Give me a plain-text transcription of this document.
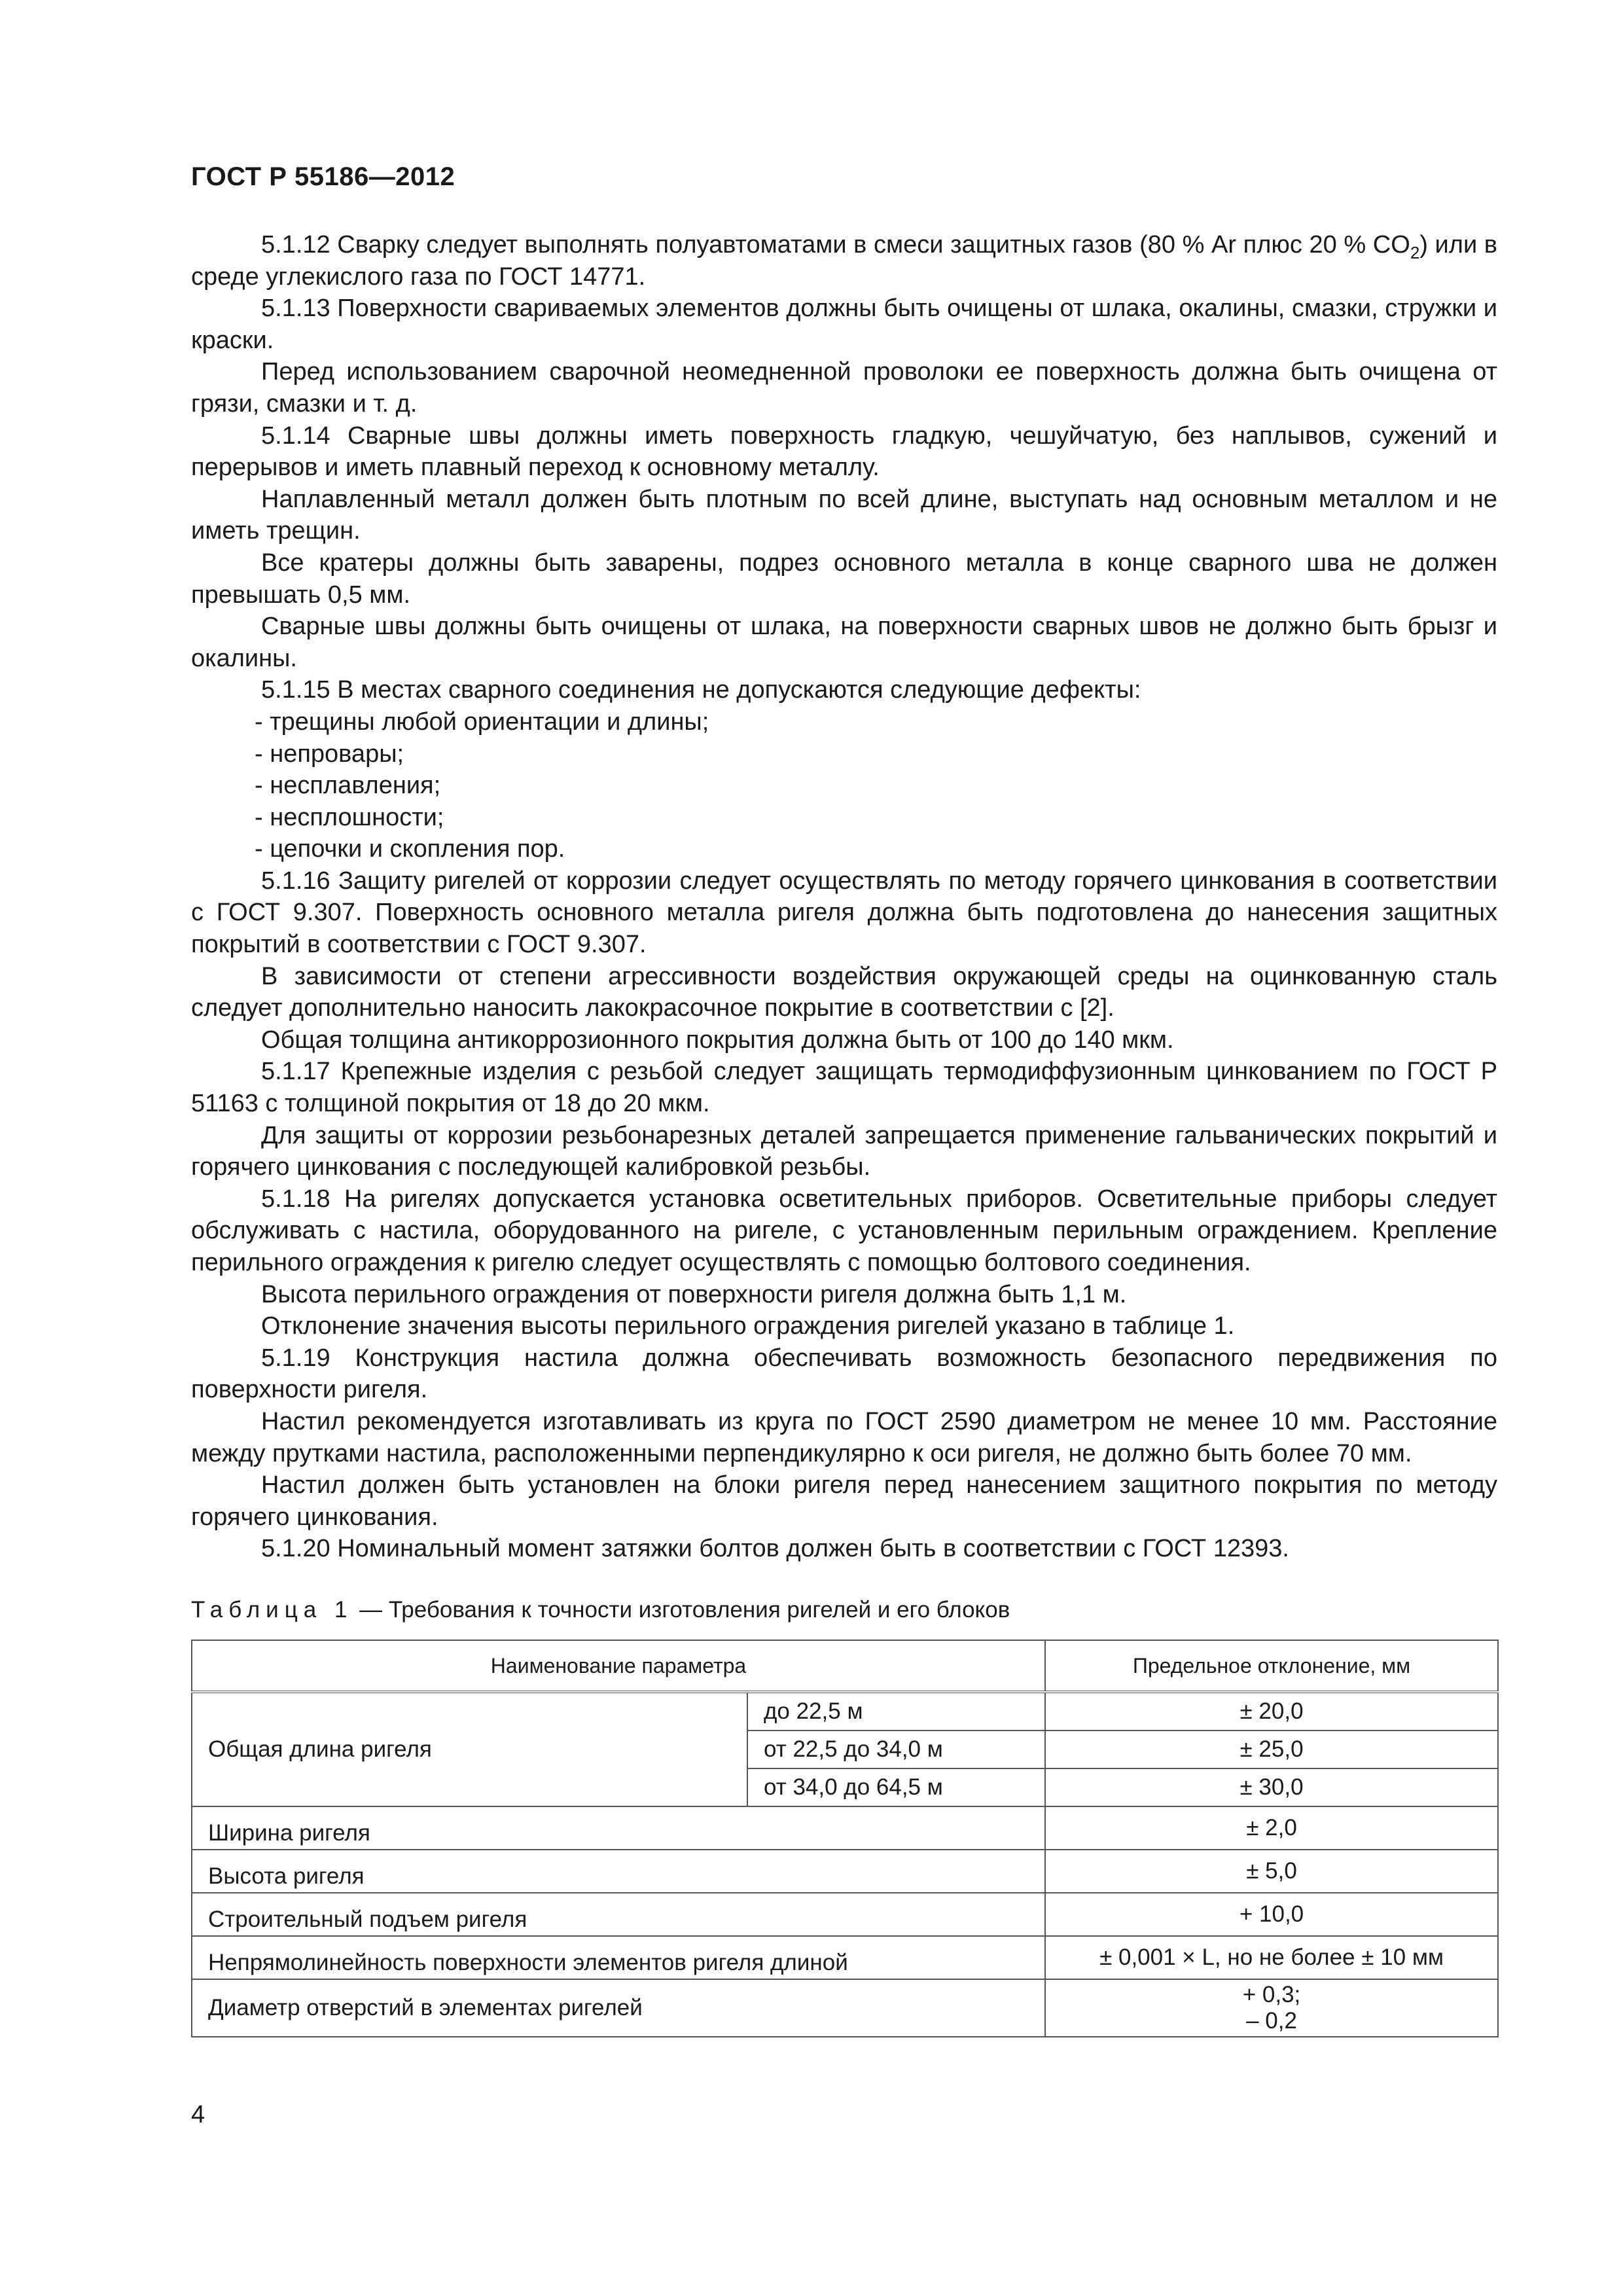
ГОСТ Р 55186—2012

5.1.12 Сварку следует выполнять полуавтоматами в смеси защитных газов (80 % Ar плюс 20 % $CO_2$) или в среде углекислого газа по ГОСТ 14771.

5.1.13 Поверхности свариваемых элементов должны быть очищены от шлака, окалины, смазки, стружки и краски.

Перед использованием сварочной неомедненной проволоки ее поверхность должна быть очищена от грязи, смазки и т. д.

5.1.14 Сварные швы должны иметь поверхность гладкую, чешуйчатую, без наплывов, сужений и перерывов и иметь плавный переход к основному металлу.

Наплавленный металл должен быть плотным по всей длине, выступать над основным металлом и не иметь трещин.

Все кратеры должны быть заварены, подрез основного металла в конце сварного шва не должен превышать 0,5 мм.

Сварные швы должны быть очищены от шлака, на поверхности сварных швов не должно быть брызг и окалины.

5.1.15 В местах сварного соединения не допускаются следующие дефекты:

- трещины любой ориентации и длины;

- непровары;

- несплавления;

- несплошности;

- цепочки и скопления пор.

5.1.16 Защиту ригелей от коррозии следует осуществлять по методу горячего цинкования в соответствии с ГОСТ 9.307. Поверхность основного металла ригеля должна быть подготовлена до нанесения защитных покрытий в соответствии с ГОСТ 9.307.

В зависимости от степени агрессивности воздействия окружающей среды на оцинкованную сталь следует дополнительно наносить лакокрасочное покрытие в соответствии с [2].

Общая толщина антикоррозионного покрытия должна быть от 100 до 140 мкм.

5.1.17 Крепежные изделия с резьбой следует защищать термодиффузионным цинкованием по ГОСТ Р 51163 с толщиной покрытия от 18 до 20 мкм.

Для защиты от коррозии резьбонарезных деталей запрещается применение гальванических покрытий и горячего цинкования с последующей калибровкой резьбы.

5.1.18 На ригелях допускается установка осветительных приборов. Осветительные приборы следует обслуживать с настила, оборудованного на ригеле, с установленным перильным ограждением. Крепление перильного ограждения к ригелю следует осуществлять с помощью болтового соединения.

Высота перильного ограждения от поверхности ригеля должна быть 1,1 м.

Отклонение значения высоты перильного ограждения ригелей указано в таблице 1.

5.1.19 Конструкция настила должна обеспечивать возможность безопасного передвижения по поверхности ригеля.

Настил рекомендуется изготавливать из круга по ГОСТ 2590 диаметром не менее 10 мм. Расстояние между прутками настила, расположенными перпендикулярно к оси ригеля, не должно быть более 70 мм.

Настил должен быть установлен на блоки ригеля перед нанесением защитного покрытия по методу горячего цинкования.

5.1.20 Номинальный момент затяжки болтов должен быть в соответствии с ГОСТ 12393.

Таблица 1 — Требования к точности изготовления ригелей и его блоков
Наименование параметра		Предельное отклонение, мм
Общая длина ригеля	до 22,5 м	± 20,0
	от 22,5 до 34,0 м	± 25,0
	от 34,0 до 64,5 м	± 30,0
Ширина ригеля		± 2,0
Высота ригеля		± 5,0
Строительный подъем ригеля		+ 10,0
Непрямолинейность поверхности элементов ригеля длиной		± 0,001 × L, но не более ± 10 мм
Диаметр отверстий в элементах ригелей		+ 0,3;
– 0,2
4
